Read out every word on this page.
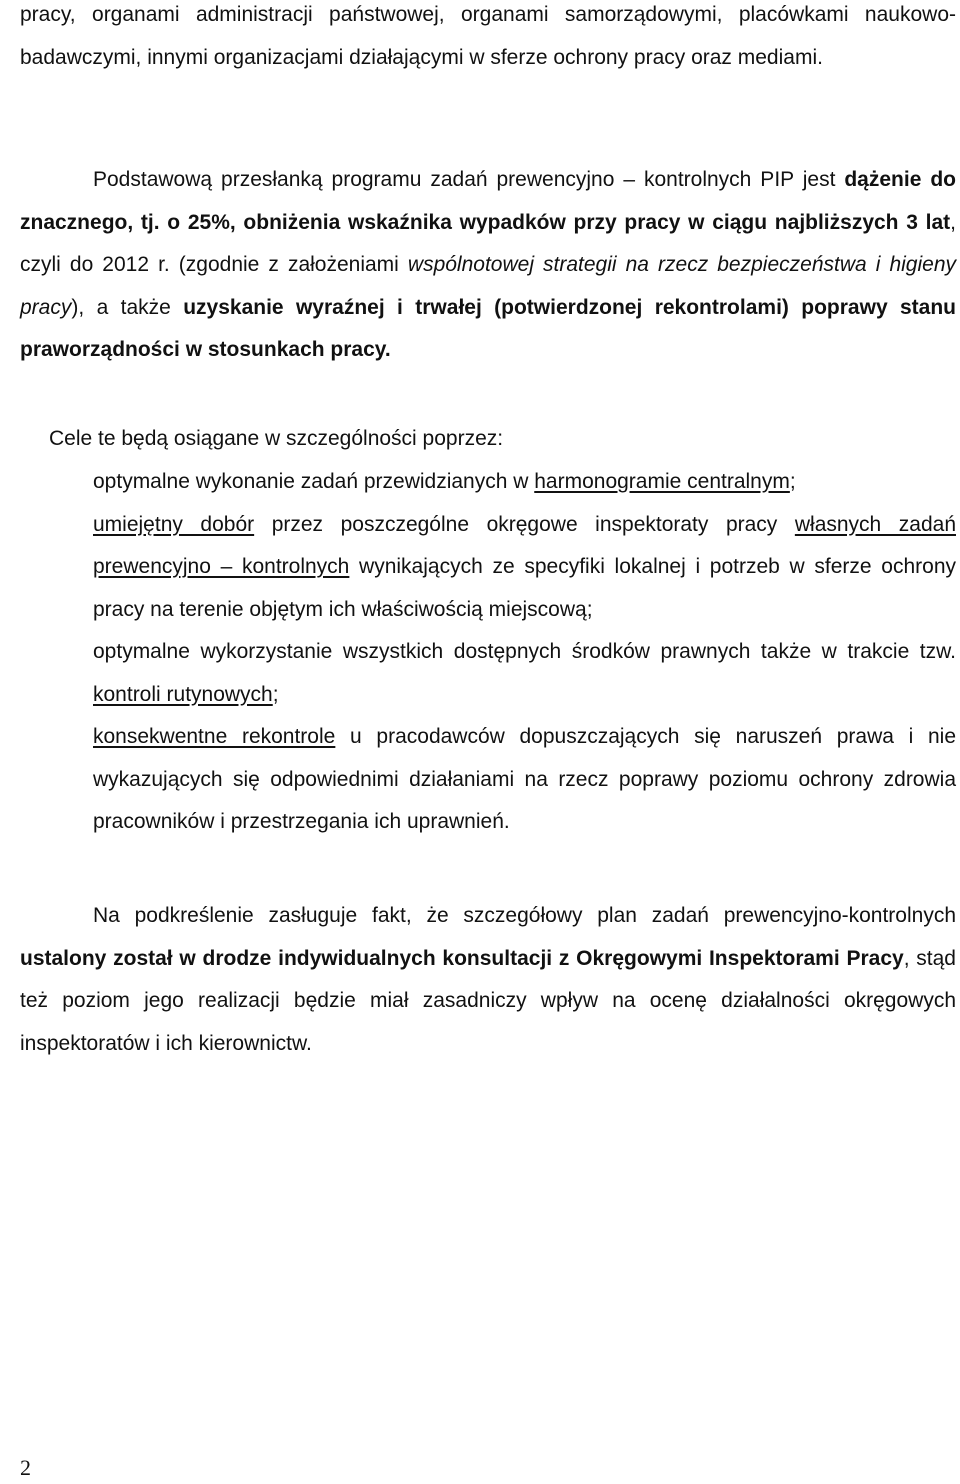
pracy, organami administracji państwowej, organami samorządowymi, placówkami naukowo-badawczymi, innymi organizacjami działającymi w sferze ochrony pracy oraz mediami.

Podstawową przesłanką programu zadań prewencyjno – kontrolnych PIP jest dążenie do znacznego, tj. o 25%, obniżenia wskaźnika wypadków przy pracy w ciągu najbliższych 3 lat, czyli do 2012 r. (zgodnie z założeniami wspólnotowej strategii na rzecz bezpieczeństwa i higieny pracy), a także uzyskanie wyraźnej i trwałej (potwierdzonej rekontrolami) poprawy stanu praworządności w stosunkach pracy.

Cele te będą osiągane w szczególności poprzez:

optymalne wykonanie zadań przewidzianych w harmonogramie centralnym;
umiejętny dobór przez poszczególne okręgowe inspektoraty pracy własnych zadań prewencyjno – kontrolnych wynikających ze specyfiki lokalnej i potrzeb w sferze ochrony pracy na terenie objętym ich właściwością miejscową;
optymalne wykorzystanie wszystkich dostępnych środków prawnych także w trakcie tzw. kontroli rutynowych;
konsekwentne rekontrole u pracodawców dopuszczających się naruszeń prawa i nie wykazujących się odpowiednimi działaniami na rzecz poprawy poziomu ochrony zdrowia pracowników i przestrzegania ich uprawnień.

Na podkreślenie zasługuje fakt, że szczegółowy plan zadań prewencyjno-kontrolnych ustalony został w drodze indywidualnych konsultacji z Okręgowymi Inspektorami Pracy, stąd też poziom jego realizacji będzie miał zasadniczy wpływ na ocenę działalności okręgowych inspektoratów i ich kierownictw.

2
